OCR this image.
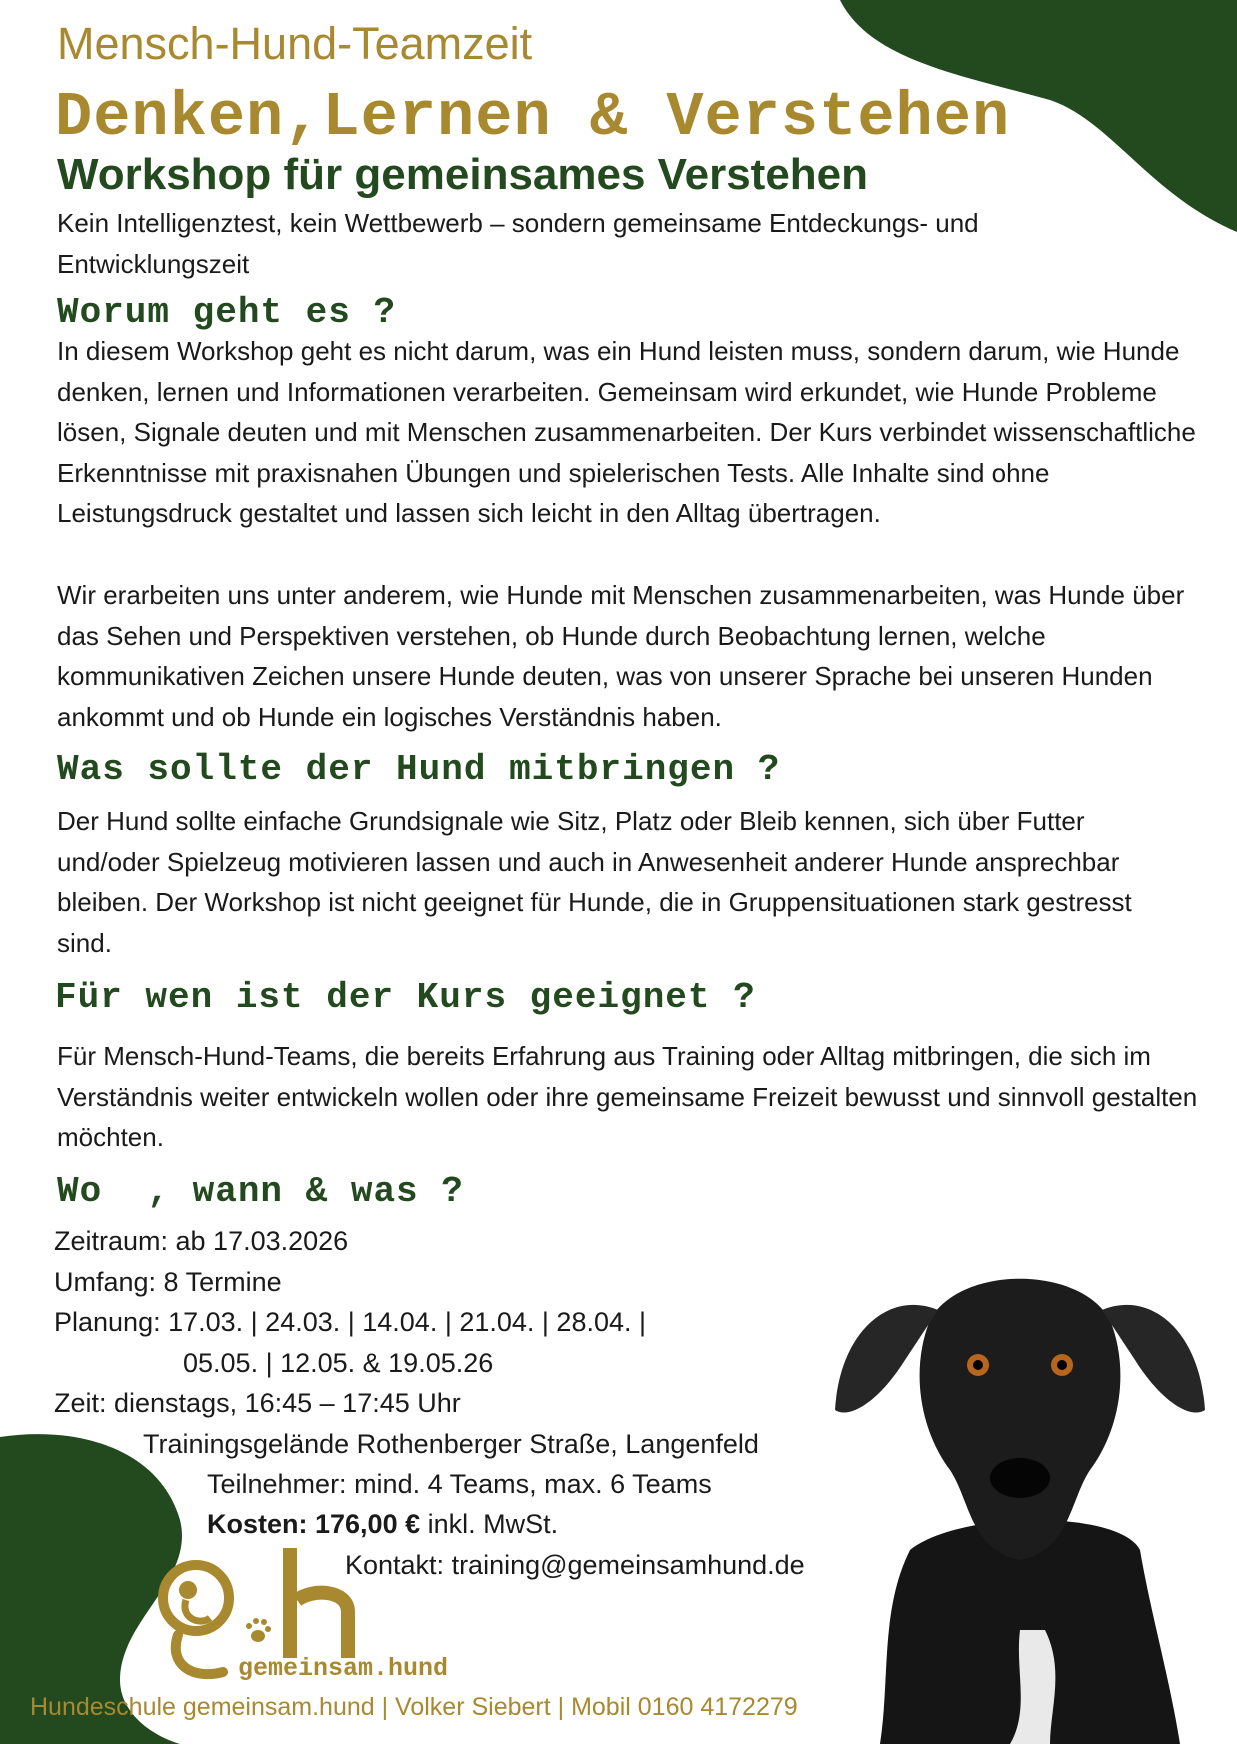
Mensch-Hund-Teamzeit
Denken,Lernen & Verstehen
Workshop für gemeinsames Verstehen
Kein Intelligenztest, kein Wettbewerb – sondern gemeinsame Entdeckungs- und Entwicklungszeit
Worum geht es ?
In diesem Workshop geht es nicht darum, was ein Hund leisten muss, sondern darum, wie Hunde denken, lernen und Informationen verarbeiten. Gemeinsam wird erkundet, wie Hunde Probleme lösen, Signale deuten und mit Menschen zusammenarbeiten. Der Kurs verbindet wissenschaftliche Erkenntnisse mit praxisnahen Übungen und spielerischen Tests. Alle Inhalte sind ohne Leistungsdruck gestaltet und lassen sich leicht in den Alltag übertragen.
Wir erarbeiten uns unter anderem, wie Hunde mit Menschen zusammenarbeiten, was Hunde über das Sehen und Perspektiven verstehen, ob Hunde durch Beobachtung lernen, welche kommunikativen Zeichen unsere Hunde deuten, was von unserer Sprache bei unseren Hunden ankommt und ob Hunde ein logisches Verständnis haben.
Was sollte der Hund mitbringen ?
Der Hund sollte einfache Grundsignale wie Sitz, Platz oder Bleib kennen, sich über Futter und/oder Spielzeug motivieren lassen und auch in Anwesenheit anderer Hunde ansprechbar bleiben. Der Workshop ist nicht geeignet für Hunde, die in Gruppensituationen stark gestresst sind.
Für wen ist der Kurs geeignet ?
Für Mensch-Hund-Teams, die bereits Erfahrung aus Training oder Alltag mitbringen, die sich im Verständnis weiter entwickeln wollen oder ihre gemeinsame Freizeit bewusst und sinnvoll gestalten möchten.
Wo  , wann & was ?
Zeitraum: ab 17.03.2026
Umfang: 8 Termine
Planung: 17.03. | 24.03. | 14.04. | 21.04. | 28.04. |
05.05. | 12.05. & 19.05.26
Zeit: dienstags, 16:45 – 17:45 Uhr
Trainingsgelände Rothenberger Straße, Langenfeld
Teilnehmer: mind. 4 Teams, max. 6 Teams
Kosten: 176,00 € inkl. MwSt.
Kontakt: training@gemeinsamhund.de
gemeinsam.hund
Hundeschule gemeinsam.hund | Volker Siebert | Mobil 0160 4172279
